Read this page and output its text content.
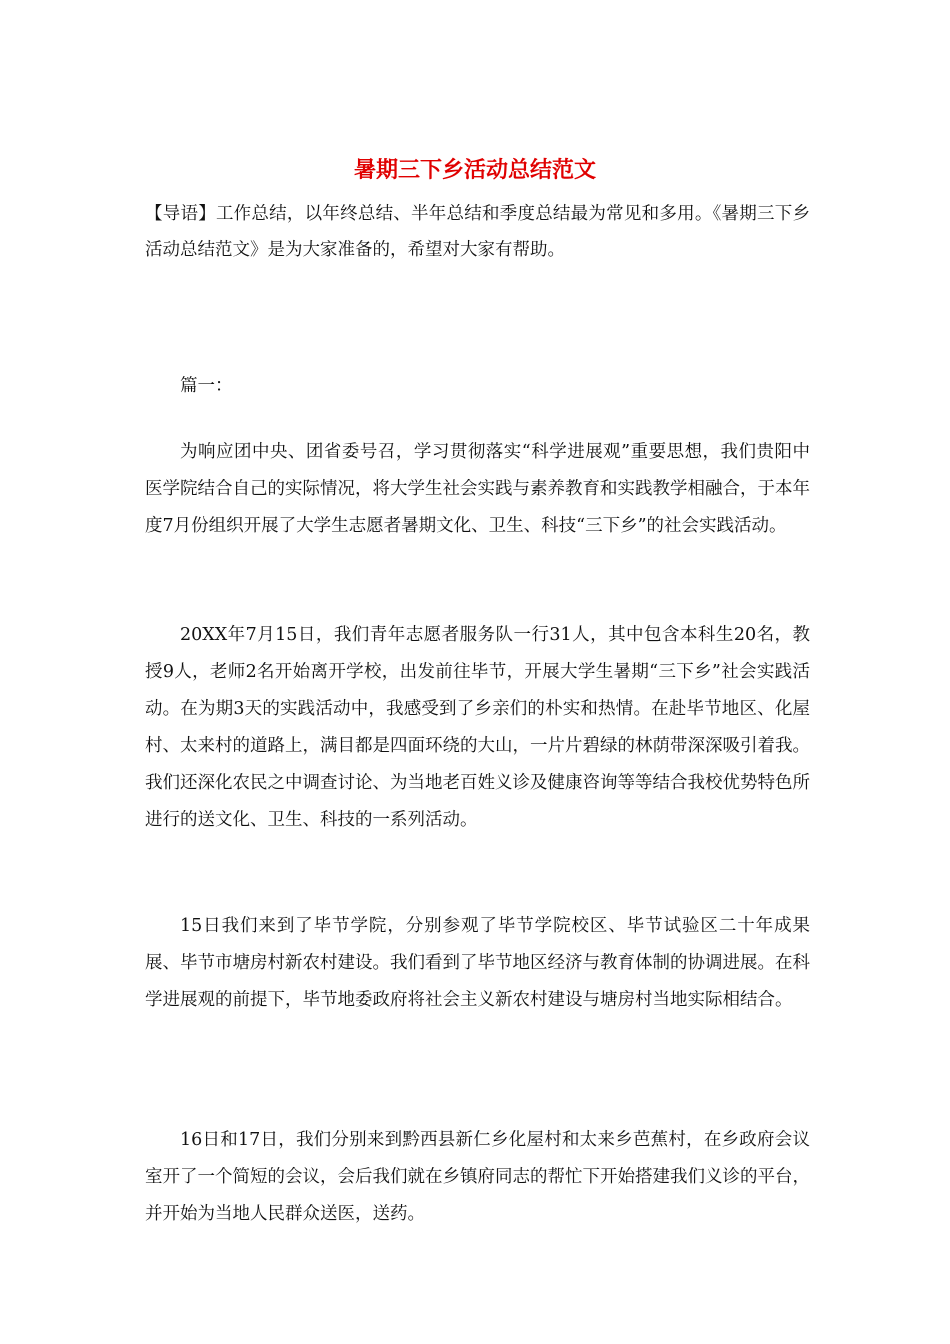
暑期三下乡活动总结范文

【导语】工作总结，以年终总结、半年总结和季度总结最为常见和多用。《暑期三下乡活动总结范文》是为大家准备的，希望对大家有帮助。

篇一：

为响应团中央、团省委号召，学习贯彻落实“科学进展观”重要思想，我们贵阳中医学院结合自己的实际情况，将大学生社会实践与素养教育和实践教学相融合，于本年度7月份组织开展了大学生志愿者暑期文化、卫生、科技“三下乡”的社会实践活动。

20XX年7月15日，我们青年志愿者服务队一行31人，其中包含本科生20名，教授9人，老师2名开始离开学校，出发前往毕节，开展大学生暑期“三下乡”社会实践活动。在为期3天的实践活动中，我感受到了乡亲们的朴实和热情。在赴毕节地区、化屋村、太来村的道路上，满目都是四面环绕的大山，一片片碧绿的林荫带深深吸引着我。我们还深化农民之中调查讨论、为当地老百姓义诊及健康咨询等等结合我校优势特色所进行的送文化、卫生、科技的一系列活动。

15日我们来到了毕节学院，分别参观了毕节学院校区、毕节试验区二十年成果展、毕节市塘房村新农村建设。我们看到了毕节地区经济与教育体制的协调进展。在科学进展观的前提下，毕节地委政府将社会主义新农村建设与塘房村当地实际相结合。

16日和17日，我们分别来到黔西县新仁乡化屋村和太来乡芭蕉村，在乡政府会议室开了一个简短的会议，会后我们就在乡镇府同志的帮忙下开始搭建我们义诊的平台，并开始为当地人民群众送医，送药。
